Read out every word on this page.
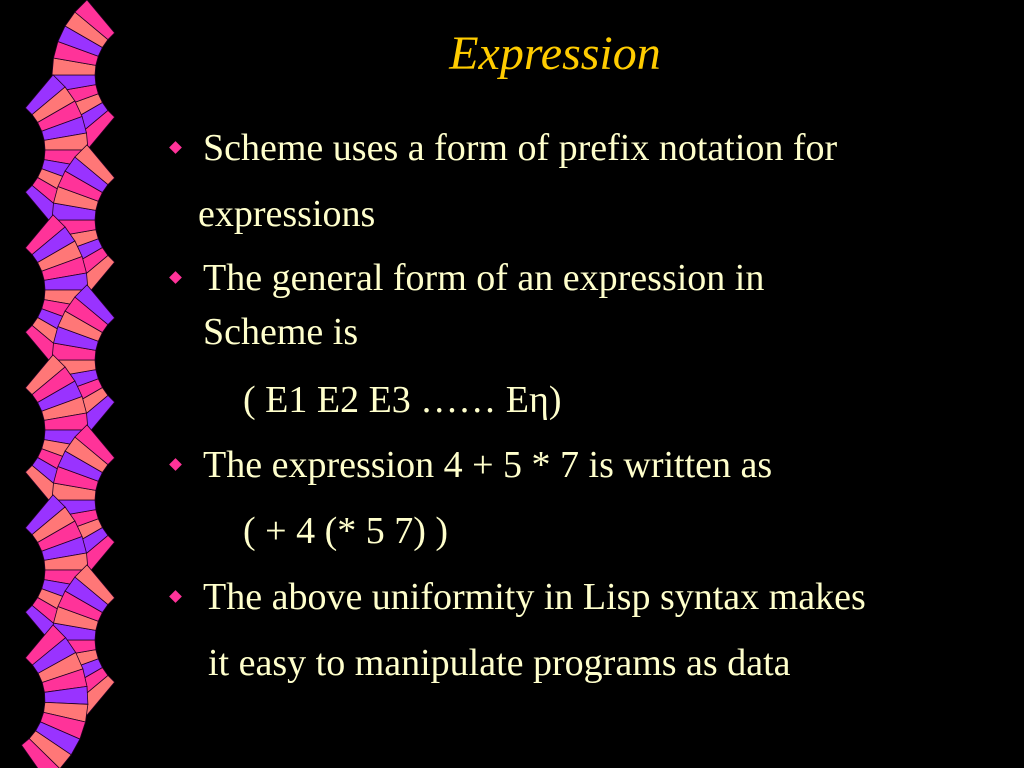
Expression
Scheme uses a form of prefix notation for
expressions
The general form of an expression in
Scheme is
( E1 E2 E3 …… Eη)
The expression 4 + 5 * 7 is written as
( + 4 (* 5 7) )
The above uniformity in Lisp syntax makes
it easy to manipulate programs as data
